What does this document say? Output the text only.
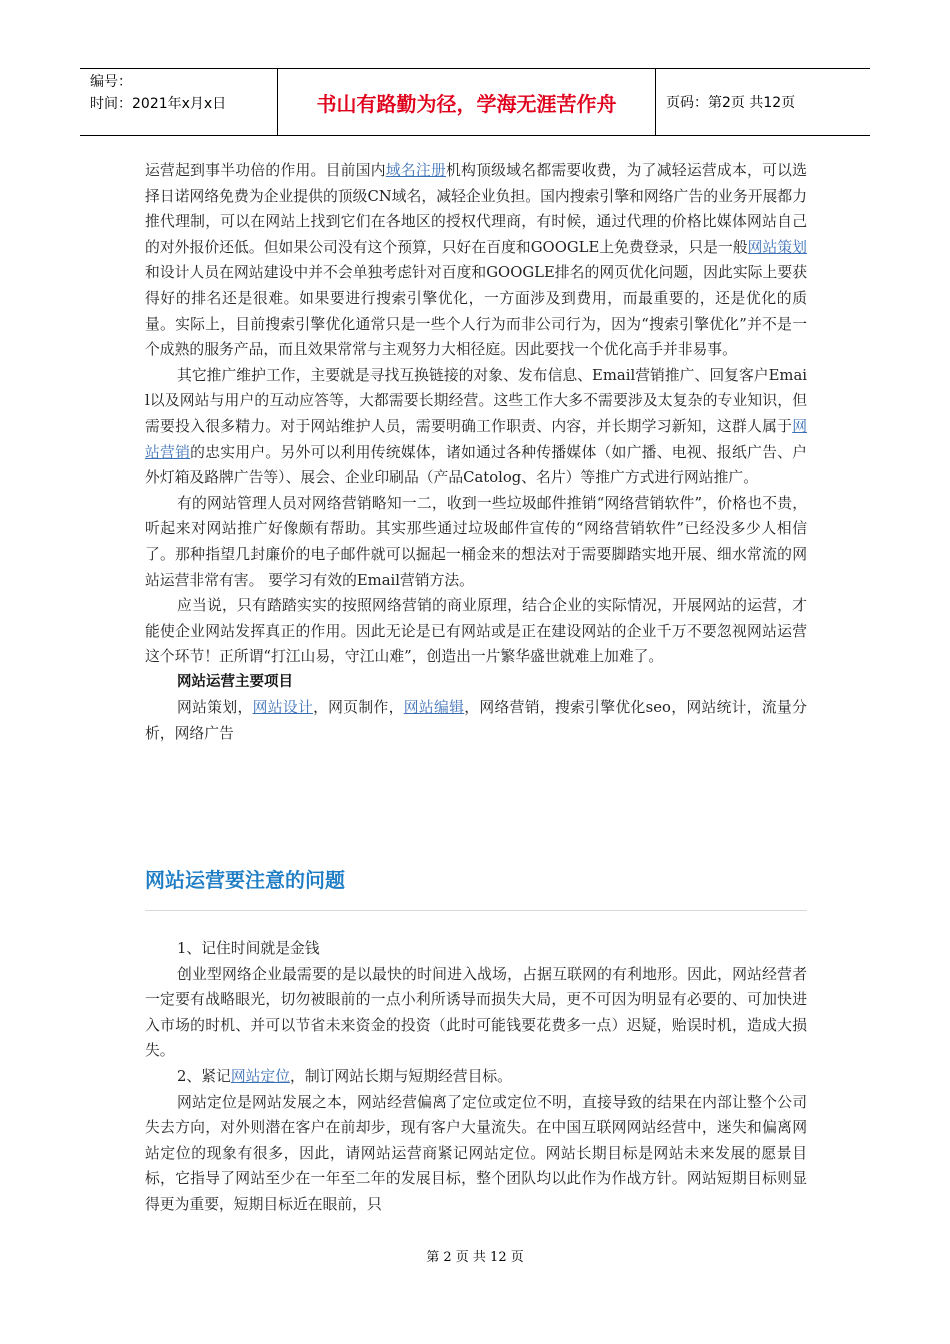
编号：
时间：2021年x月x日	书山有路勤为径，学海无涯苦作舟	页码：第2页 共12页

运营起到事半功倍的作用。目前国内域名注册机构顶级域名都需要收费，为了减轻运营成本，可以选择日诺网络免费为企业提供的顶级CN域名，减轻企业负担。国内搜索引擎和网络广告的业务开展都力推代理制，可以在网站上找到它们在各地区的授权代理商，有时候，通过代理的价格比媒体网站自己的对外报价还低。但如果公司没有这个预算，只好在百度和GOOGLE上免费登录，只是一般网站策划和设计人员在网站建设中并不会单独考虑针对百度和GOOGLE排名的网页优化问题，因此实际上要获得好的排名还是很难。如果要进行搜索引擎优化，一方面涉及到费用，而最重要的，还是优化的质量。实际上，目前搜索引擎优化通常只是一些个人行为而非公司行为，因为“搜索引擎优化”并不是一个成熟的服务产品，而且效果常常与主观努力大相径庭。因此要找一个优化高手并非易事。

其它推广维护工作，主要就是寻找互换链接的对象、发布信息、Email营销推广、回复客户Email以及网站与用户的互动应答等，大都需要长期经营。这些工作大多不需要涉及太复杂的专业知识，但需要投入很多精力。对于网站维护人员，需要明确工作职责、内容，并长期学习新知，这群人属于网站营销的忠实用户。另外可以利用传统媒体，诸如通过各种传播媒体（如广播、电视、报纸广告、户外灯箱及路牌广告等）、展会、企业印刷品（产品Catolog、名片）等推广方式进行网站推广。

有的网站管理人员对网络营销略知一二，收到一些垃圾邮件推销“网络营销软件”，价格也不贵，听起来对网站推广好像颇有帮助。其实那些通过垃圾邮件宣传的“网络营销软件”已经没多少人相信了。那种指望几封廉价的电子邮件就可以掘起一桶金来的想法对于需要脚踏实地开展、细水常流的网站运营非常有害。 要学习有效的Email营销方法。

应当说，只有踏踏实实的按照网络营销的商业原理，结合企业的实际情况，开展网站的运营，才能使企业网站发挥真正的作用。因此无论是已有网站或是正在建设网站的企业千万不要忽视网站运营这个环节！正所谓“打江山易，守江山难”，创造出一片繁华盛世就难上加难了。

网站运营主要项目

网站策划，网站设计，网页制作，网站编辑，网络营销，搜索引擎优化seo，网站统计，流量分析，网络广告

网站运营要注意的问题

1、记住时间就是金钱

创业型网络企业最需要的是以最快的时间进入战场，占据互联网的有利地形。因此，网站经营者一定要有战略眼光，切勿被眼前的一点小利所诱导而损失大局，更不可因为明显有必要的、可加快进入市场的时机、并可以节省未来资金的投资（此时可能钱要花费多一点）迟疑，贻误时机，造成大损失。

2、紧记网站定位，制订网站长期与短期经营目标。

网站定位是网站发展之本，网站经营偏离了定位或定位不明，直接导致的结果在内部让整个公司失去方向，对外则潜在客户在前却步，现有客户大量流失。在中国互联网网站经营中，迷失和偏离网站定位的现象有很多，因此，请网站运营商紧记网站定位。网站长期目标是网站未来发展的愿景目标，它指导了网站至少在一年至二年的发展目标，整个团队均以此作为作战方针。网站短期目标则显得更为重要，短期目标近在眼前，只

第 2 页 共 12 页
